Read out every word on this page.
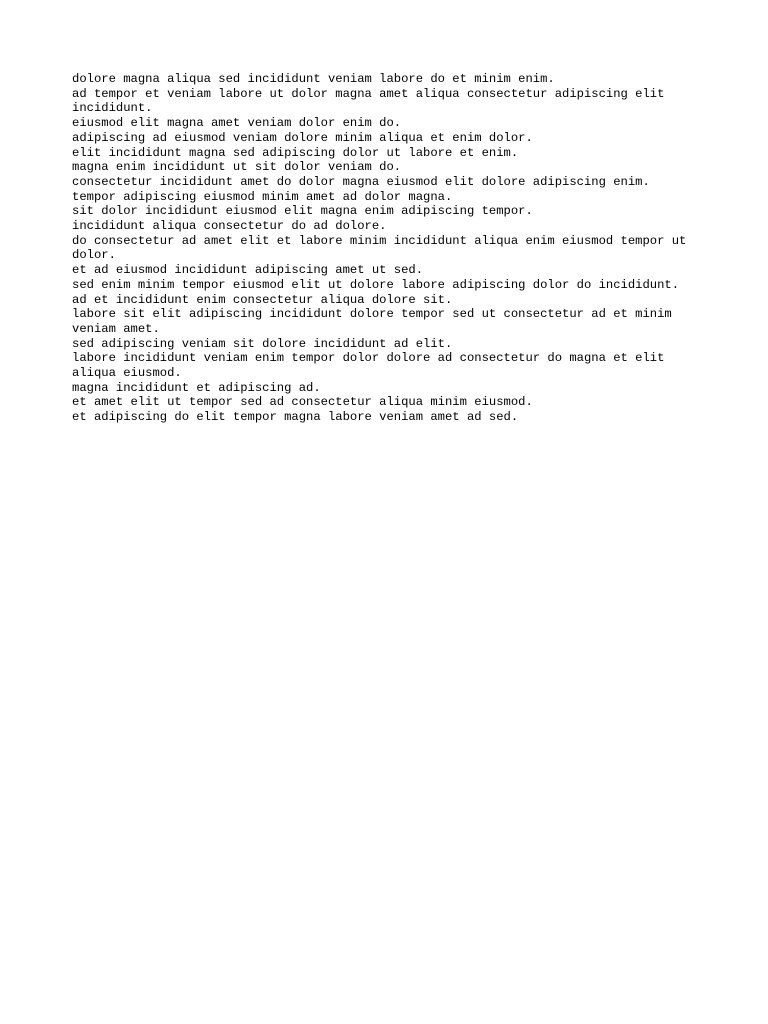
dolore magna aliqua sed incididunt veniam labore do et minim enim.
ad tempor et veniam labore ut dolor magna amet aliqua consectetur adipiscing elit incididunt.
eiusmod elit magna amet veniam dolor enim do.
adipiscing ad eiusmod veniam dolore minim aliqua et enim dolor.
elit incididunt magna sed adipiscing dolor ut labore et enim.
magna enim incididunt ut sit dolor veniam do.
consectetur incididunt amet do dolor magna eiusmod elit dolore adipiscing enim.
tempor adipiscing eiusmod minim amet ad dolor magna.
sit dolor incididunt eiusmod elit magna enim adipiscing tempor.
incididunt aliqua consectetur do ad dolore.
do consectetur ad amet elit et labore minim incididunt aliqua enim eiusmod tempor ut dolor.
et ad eiusmod incididunt adipiscing amet ut sed.
sed enim minim tempor eiusmod elit ut dolore labore adipiscing dolor do incididunt.
ad et incididunt enim consectetur aliqua dolore sit.
labore sit elit adipiscing incididunt dolore tempor sed ut consectetur ad et minim veniam amet.
sed adipiscing veniam sit dolore incididunt ad elit.
labore incididunt veniam enim tempor dolor dolore ad consectetur do magna et elit aliqua eiusmod.
magna incididunt et adipiscing ad.
et amet elit ut tempor sed ad consectetur aliqua minim eiusmod.
et adipiscing do elit tempor magna labore veniam amet ad sed.
